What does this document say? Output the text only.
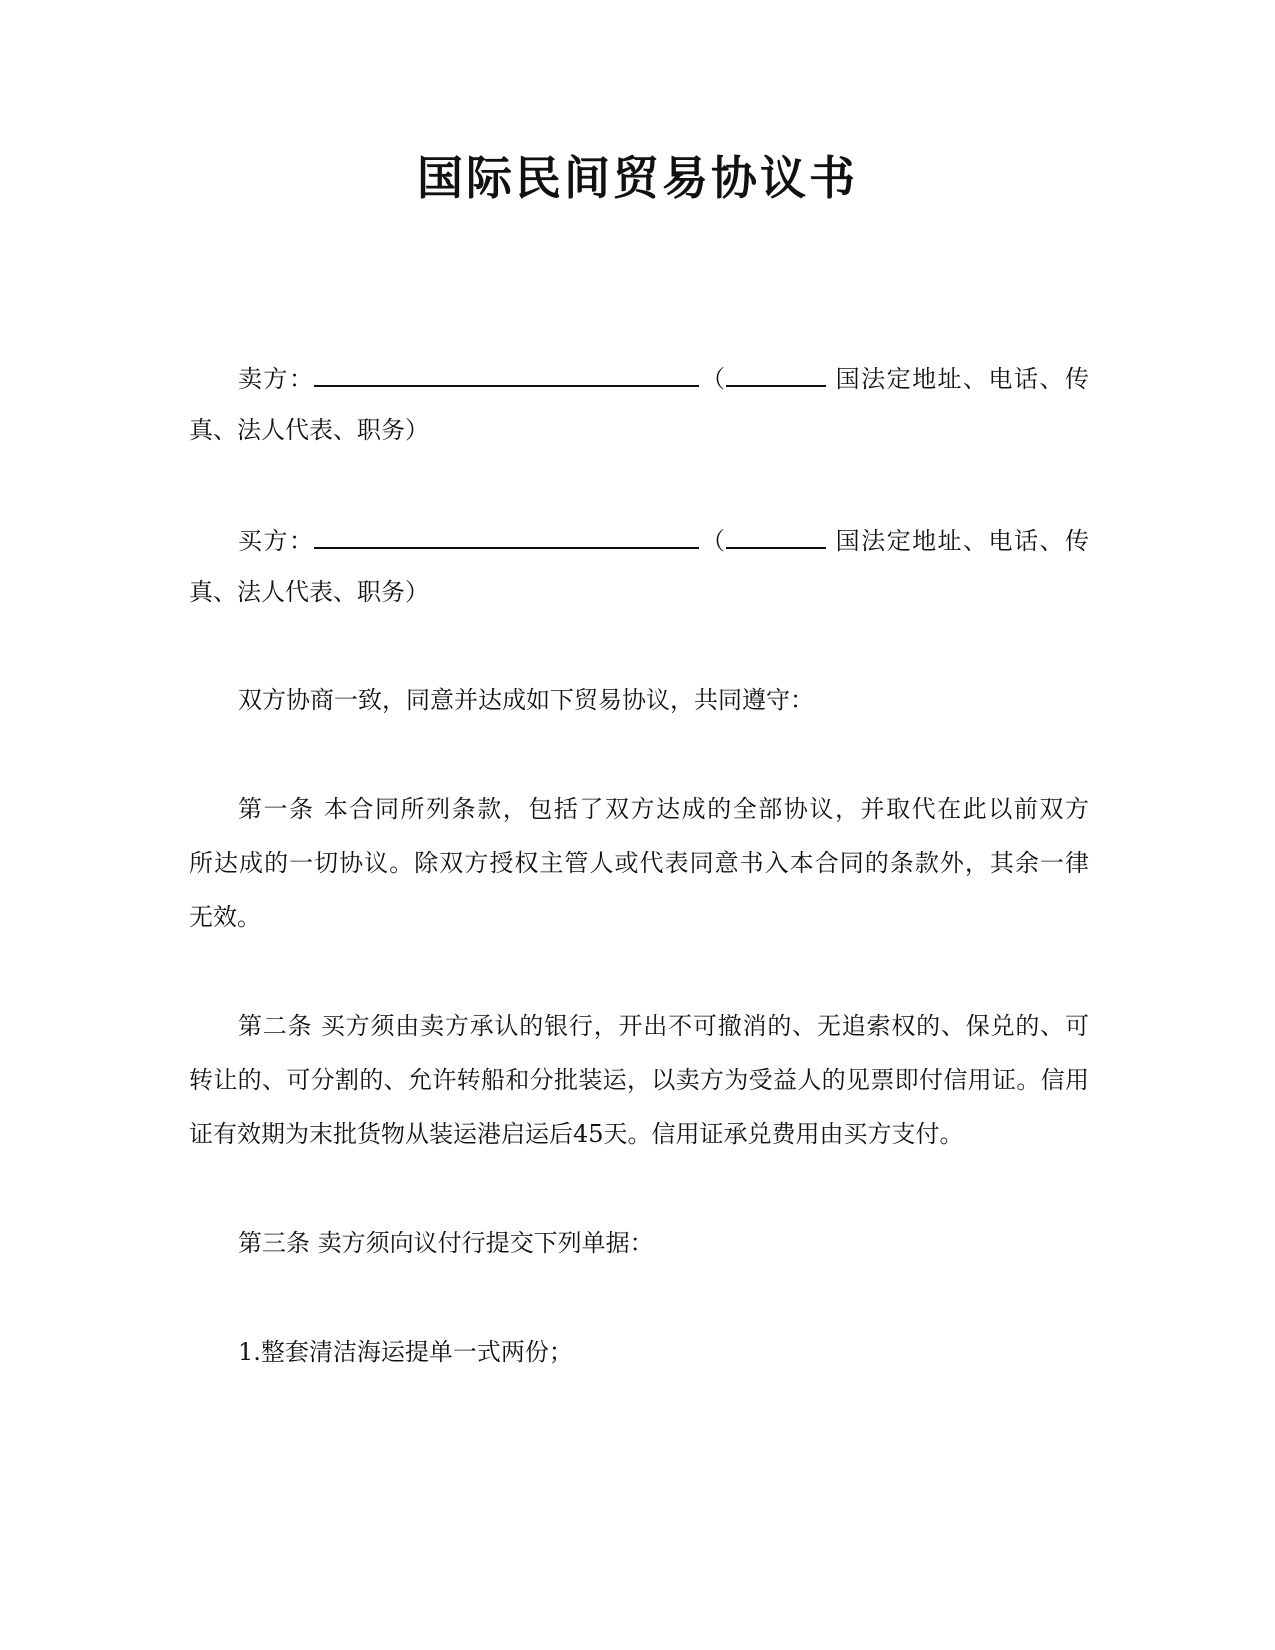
国际民间贸易协议书
卖方：	（	国法定地址、电话、传
真、法人代表、职务）
买方：	（	国法定地址、电话、传
真、法人代表、职务）
双方协商一致，同意并达成如下贸易协议，共同遵守：
第一条 本合同所列条款，包括了双方达成的全部协议，并取代在此以前双方
所达成的一切协议。除双方授权主管人或代表同意书入本合同的条款外，其余一律
无效。
第二条 买方须由卖方承认的银行，开出不可撤消的、无追索权的、保兑的、可
转让的、可分割的、允许转船和分批装运，以卖方为受益人的见票即付信用证。信用
证有效期为末批货物从装运港启运后45天。信用证承兑费用由买方支付。
第三条 卖方须向议付行提交下列单据：
1.整套清洁海运提单一式两份；
